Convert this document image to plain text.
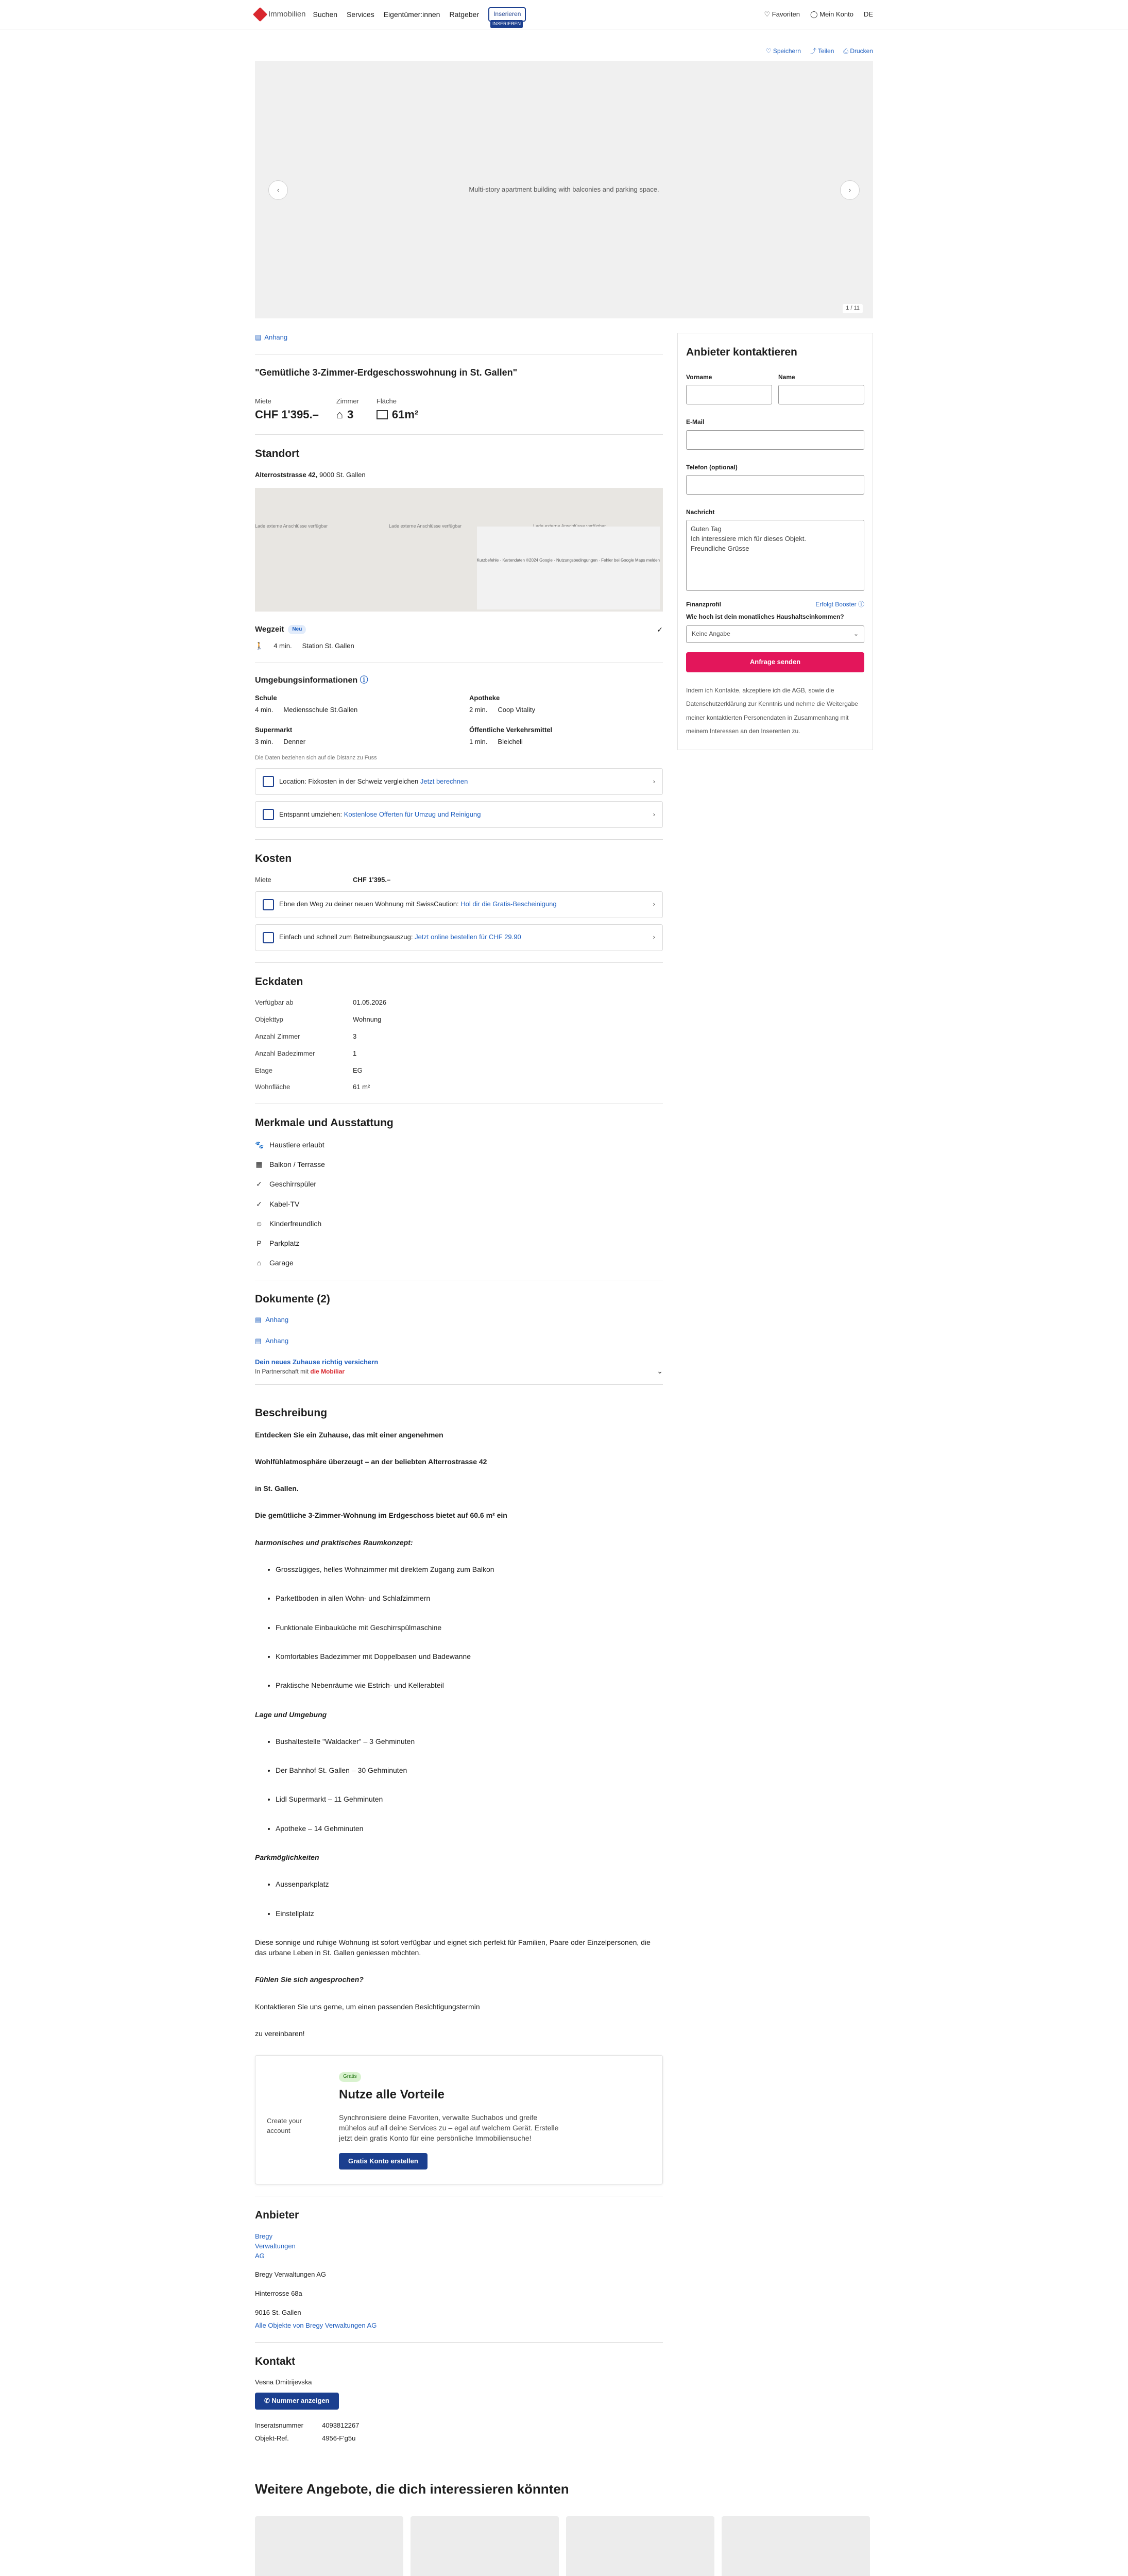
Immobilien Suchen Services Eigentümer:innen Ratgeber	Inserieren
INSERIEREN
♡ Favoriten ◯ Mein Konto DE
♡ Speichern ⤴ Teilen ⎙ Drucken
‹	Multi-story apartment building with balconies and parking space.	›
1 / 11
▤ Anhang
"Gemütliche 3-Zimmer-Erdgeschosswohnung in St. Gallen"
Miete
CHF 1'395.–
Zimmer
⌂ 3
Fläche
61m²
Standort
Alterroststrasse 42, 9000 St. Gallen
Lade externe Anschlüsse verfügbar	Lade externe Anschlüsse verfügbar
Kurzbefehle · Kartendaten ©2024 Google · Nutzungsbedingungen · Fehler bei Google Maps melden
Wegzeit	Neu	✓
🚶 4 min. Station St. Gallen
Umgebungsinformationen ⓘ
Schule
4 min. Mediensschule St.Gallen
Apotheke
2 min. Coop Vitality
Supermarkt
3 min. Denner
Öffentliche Verkehrsmittel
1 min. Bleicheli
Die Daten beziehen sich auf die Distanz zu Fuss
Location: Fixkosten in der Schweiz vergleichen Jetzt berechnen	›
Entspannt umziehen: Kostenlose Offerten für Umzug und Reinigung	›
Kosten
Miete	CHF 1'395.–
Ebne den Weg zu deiner neuen Wohnung mit SwissCaution: Hol dir die Gratis-Bescheinigung	›
Einfach und schnell zum Betreibungsauszug: Jetzt online bestellen für CHF 29.90	›
Eckdaten
Verfügbar ab	01.05.2026
Objekttyp	Wohnung
Anzahl Zimmer	3
Anzahl Badezimmer	1
Etage	EG
Wohnfläche	61 m²
Merkmale und Ausstattung
🐾 Haustiere erlaubt
▦ Balkon / Terrasse
✓ Geschirrspüler
✓ Kabel-TV
☺ Kinderfreundlich
P Parkplatz
⌂ Garage
Dokumente (2)
▤ Anhang
▤ Anhang
Dein neues Zuhause richtig versichern
In Partnerschaft mit die Mobiliar	⌄
Beschreibung

Entdecken Sie ein Zuhause, das mit einer angenehmen

Wohlfühlatmosphäre überzeugt – an der beliebten Alterrostrasse 42

in St. Gallen.

Die gemütliche 3-Zimmer-Wohnung im Erdgeschoss bietet auf 60.6 m² ein

harmonisches und praktisches Raumkonzept:

• Grosszügiges, helles Wohnzimmer mit direktem Zugang zum Balkon
• Parkettboden in allen Wohn- und Schlafzimmern
• Funktionale Einbauküche mit Geschirrspülmaschine
• Komfortables Badezimmer mit Doppelbasen und Badewanne
• Praktische Nebenräume wie Estrich- und Kellerabteil

Lage und Umgebung

• Bushaltestelle "Waldacker" – 3 Gehminuten
• Der Bahnhof St. Gallen – 30 Gehminuten
• Lidl Supermarkt – 11 Gehminuten
• Apotheke – 14 Gehminuten

Parkmöglichkeiten

• Aussenparkplatz
• Einstellplatz

Diese sonnige und ruhige Wohnung ist sofort verfügbar und eignet sich perfekt für Familien, Paare oder Einzelpersonen, die das urbane Leben in St. Gallen geniessen möchten.

Fühlen Sie sich angesprochen?

Kontaktieren Sie uns gerne, um einen passenden Besichtigungstermin

zu vereinbaren!

Create your account
Gratis
Nutze alle Vorteile
Synchronisiere deine Favoriten, verwalte Suchabos und greife mühelos auf all deine Services zu – egal auf welchem Gerät. Erstelle jetzt dein gratis Konto für eine persönliche Immobiliensuche!
Gratis Konto erstellen
Anbieter
Bregy Verwaltungen AG
Bregy Verwaltungen AG
Hinterrosse 68a
9016 St. Gallen
Alle Objekte von Bregy Verwaltungen AG
Kontakt
Vesna Dmitrijevska
✆ Nummer anzeigen
Inseratsnummer	4093812267
Objekt-Ref.	4956-F'g5u
Anbieter kontaktieren
Vorname	Name
E-Mail
Telefon (optional)
Nachricht
Guten Tag
Ich interessiere mich für dieses Objekt.
Freundliche Grüsse
Finanzprofil	Erfolgt Booster ⓘ
Wie hoch ist dein monatliches Haushaltseinkommen?
Keine Angabe	⌄
Anfrage senden
Indem ich Kontakte, akzeptiere ich die AGB, sowie die Datenschutzerklärung zur Kenntnis und nehme die Weitergabe meiner kontaktierten Personendaten in Zusammenhang mit meinem Interessen an den Inserenten zu.
Weitere Angebote, die dich interessieren könnten
